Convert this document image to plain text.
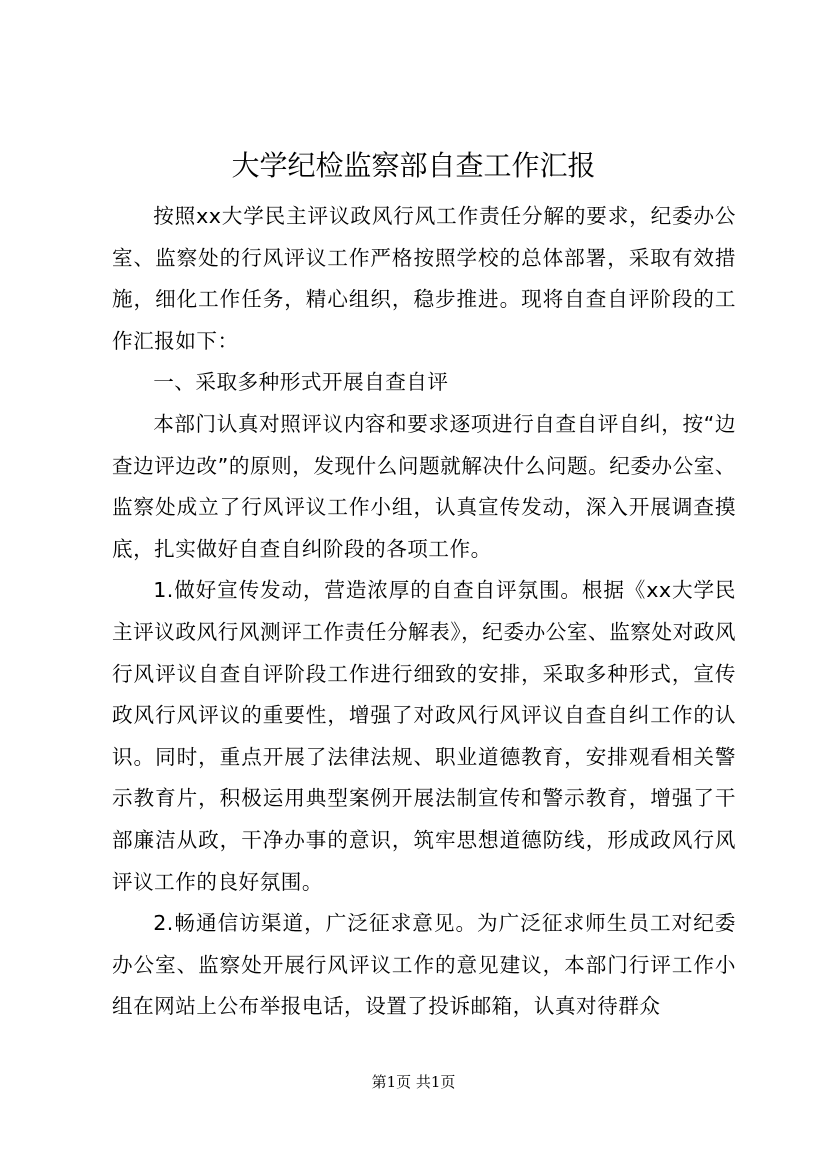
大学纪检监察部自查工作汇报

按照xx大学民主评议政风行风工作责任分解的要求，纪委办公室、监察处的行风评议工作严格按照学校的总体部署，采取有效措施，细化工作任务，精心组织，稳步推进。现将自查自评阶段的工作汇报如下：

一、采取多种形式开展自查自评

本部门认真对照评议内容和要求逐项进行自查自评自纠，按“边查边评边改”的原则，发现什么问题就解决什么问题。纪委办公室、监察处成立了行风评议工作小组，认真宣传发动，深入开展调查摸底，扎实做好自查自纠阶段的各项工作。

1.做好宣传发动，营造浓厚的自查自评氛围。根据《xx大学民主评议政风行风测评工作责任分解表》，纪委办公室、监察处对政风行风评议自查自评阶段工作进行细致的安排，采取多种形式，宣传政风行风评议的重要性，增强了对政风行风评议自查自纠工作的认识。同时，重点开展了法律法规、职业道德教育，安排观看相关警示教育片，积极运用典型案例开展法制宣传和警示教育，增强了干部廉洁从政，干净办事的意识，筑牢思想道德防线，形成政风行风评议工作的良好氛围。

2.畅通信访渠道，广泛征求意见。为广泛征求师生员工对纪委办公室、监察处开展行风评议工作的意见建议，本部门行评工作小组在网站上公布举报电话，设置了投诉邮箱，认真对待群众

第1页 共1页
